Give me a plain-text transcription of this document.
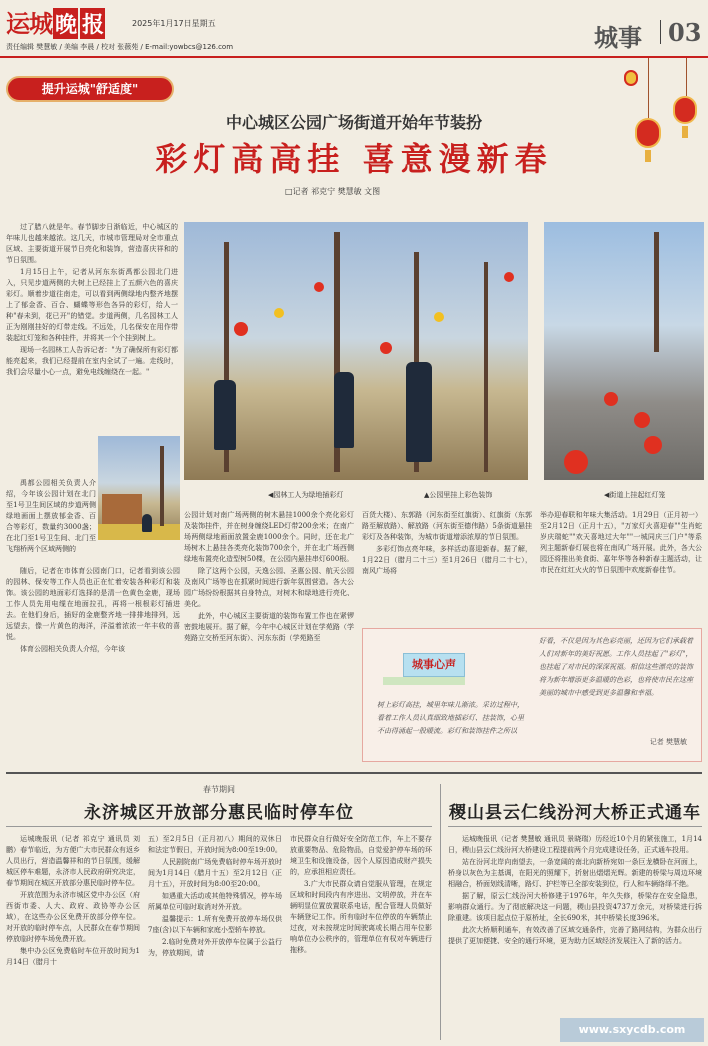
运城 晚 报	2025年1月17日星期五
责任编辑 樊慧敏 / 美编 李晨 / 校对 张薇苑 / E-mail:yowbcs@126.com	城事 03
提升运城"舒适度"
中心城区公园广场街道开始年节装扮
彩灯高高挂 喜意漫新春
□记者 祁克宁 樊慧敏 文图

过了腊八就是年。春节脚步日渐临近，中心城区的年味儿也越来越浓。这几天，市城市管理局对全市重点区域、主要街道开展节日亮化和装饰，营造喜庆祥和的节日氛围。

1月15日上午，记者从河东东街禹都公园北门进入，只见步道两侧的大树上已经挂上了五颜六色的喜庆彩灯。顺着步道往南走，可以看到两侧绿地内整齐地摆上了郁金香、百合、蝴蝶等形色各异的彩灯，给人一种"春未到，花已开"的错觉。步道两侧，几名园林工人正为刚刚挂好的灯带走线。不远处，几名保安在用作带装起红灯笼和各种挂件，并将其一个个挂到树上。

现场一名园林工人告诉记者："为了确保所有彩灯都能亮起来，我们已经提前在室内全试了一遍。走线时，我们会尽量小心一点，避免电线缠绕在一起。"

禹都公园相关负责人介绍，今年该公园计划在北门至1号卫生间区域的步道两侧绿地画面上摆放郁金香、百合等彩灯，数量约3000盏；在北门至1号卫生间、北门至飞翔桥两个区域两侧的

随后，记者在市体育公园南门口，记者看到该公园的园林、保安等工作人员也正在忙着安装各种彩灯和装饰。该公园的地面彩灯选择的是清一色黄色金鹿，现场工作人员先用电缆在地面拉孔，再将一根根彩灯插进去。在他们身后，插好的金鹿整齐地一排排地排列，远远望去，像一片黄色的海洋，洋溢着浓浓一年丰收的喜悦。

体育公园相关负责人介绍，今年该

◀园林工人为绿地插彩灯	▲公园里挂上彩色装饰	◀街道上挂起红灯笼

公园计划对南广场两侧的树木悬挂1000余个亮化彩灯及装饰挂件，并在树身缠绕LED灯带200余米；在南广场两侧绿地画面放置金鹿1000余个。同时，还在北广场树木上悬挂各类亮化装饰700余个，并在北广场西侧绿地布置亮化造型树50棵，在公园内悬挂串灯600根。

除了这两个公园，天逸公园、圣惠公园、航天公园及南风广场等也在抓紧时间进行新年氛围营造。各大公园广场纷纷根据其自身特点，对树木和绿地进行亮化、美化。

此外，中心城区主要街道的装饰布置工作也在紧锣密鼓地展开。据了解，今年中心城区计划在学苑路（学苑路立交桥至河东街）、河东东街（学苑路至

百货大楼）、东郭路（河东街至红旗街）、红旗街（东郭路至解放路）、解放路（河东街至德伟路）5条街道悬挂彩灯及各种装饰，为城市街道增添浓厚的节日氛围。

多彩灯饰点亮年味，多样活动喜迎新春。据了解，1月22日（腊月二十三）至1月26日（腊月二十七），南风广场将

举办迎春联和年味大集活动。1月29日（正月初一）至2月12日（正月十五），"万家灯火喜迎春""生肖蛇岁庆瑞蛇""欢天喜地过大年""一城同庆三门户"等系列主题新春灯展也将在南风广场开展。此外，各大公园还将推出美食街、嘉年华等各种新春主题活动，让市民在红红火火的节日氛围中欢度新春佳节。

城事心声
树上彩灯高挂，城里年味儿渐浓。采访过程中，看着工作人员认真细致地插彩灯、挂装饰，心里不由得涌起一股暖流。彩灯和装饰挂件之所以
好看，不仅是因为其色彩亮丽，还因为它们承载着人们对新年的美好祝愿。工作人员挂起了"彩灯"，也挂起了对市民的深深祝福。相信这些漂亮的装饰将为新年增添更多温暖的色彩，也将使市民在这座美丽的城市中感受到更多温馨和幸福。
记者 樊慧敏
春节期间
永济城区开放部分惠民临时停车位

运城晚报讯（记者 祁克宁 通讯员 刘鹏）春节临近，为方便广大市民群众有返乡人员出行，营造温馨祥和的节日氛围，缓解城区停车难题，永济市人民政府研究决定，春节期间在城区开放部分惠民临时停车位。

开放范围为永济市城区党中办公区（府西街市委、人大、政府、政协等办公区域），在这些办公区免费开放部分停车位。对开放的临时停车点，人民群众在春节期间停放临时停车场免费开放。

集中办公区免费临时车位开放时间为1月14日（腊月十

五）至2月5日（正月初八）期间的双休日和法定节假日，开放时间为8:00至19:00。

人民剧院南广场免费临时停车场开放时间为1月14日（腊月十五）至2月12日（正月十五），开放时间为8:00至20:00。

如遇重大活动或其他特殊情况，停车场所属单位可临时取消对外开放。

温馨提示：1.所有免费开放停车场仅供7座(含)以下车辆和家庭小型轿车停放。

2.临时免费对外开放停车位属于公益行为，停放期间，请

市民群众自行做好安全防范工作，车上不要存放重要物品、危险物品，自觉爱护停车场的环境卫生和设施设备，因个人原因造成财产损失的，应承担相应责任。

3.广大市民群众请自觉服从管理，在规定区域和时间段内有序进出、文明停放，并在车辆明显位置放置联系电话，配合管理人员做好车辆登记工作。所有临时车位停放的车辆禁止过夜，对未按规定时间驶离或长期占用车位影响单位办公秩序的，管理单位有权对车辆进行拖移。

稷山县云仁线汾河大桥正式通车

运城晚报讯（记者 樊慧敏 通讯员 景晓瑞）历经近10个月的紧张施工，1月14日，稷山县云仁线汾河大桥建设工程提前两个月完成建设任务，正式通车投用。

站在汾河北岸向南望去，一条宽阔的南北向新桥宛如一条巨龙横卧在河面上，桥身以灰色为主基调，在阳光的照耀下，折射出熠熠光辉。新建的桥梁与周边环境相融合，桥面划线清晰，路灯、护栏等已全部安装到位，行人和车辆络绎不绝。

据了解，原云仁线汾河大桥修建于1976年，年久失修，桥梁存在安全隐患，影响群众通行。为了彻底解决这一问题，稷山县投资4737万余元，对桥梁进行拆除重建。该项目起点位于原桥址，全长690米，其中桥梁长度396米。

此次大桥顺利通车，有效改善了区域交通条件，完善了路网结构，为群众出行提供了更加便捷、安全的通行环境，更为助力区域经济发展注入了新的活力。

www.sxycdb.com
